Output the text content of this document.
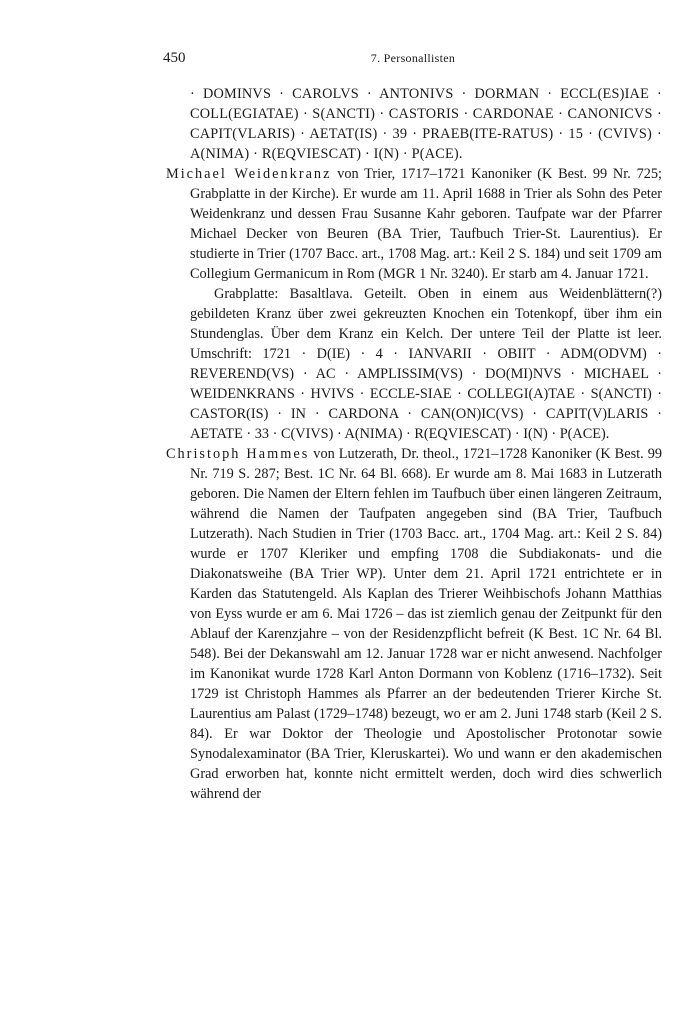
450	7. Personallisten

· DOMINVS · CAROLVS · ANTONIVS · DORMAN · ECCL(ES)IAE · COLL(EGIATAE) · S(ANCTI) · CASTORIS · CARDONAE · CANONICVS · CAPIT(VLARIS) · AETAT(IS) · 39 · PRAEB(ITE-RATUS) · 15 · (CVIVS) · A(NIMA) · R(EQVIESCAT) · I(N) · P(ACE).

Michael Weidenkranz von Trier, 1717–1721 Kanoniker (K Best. 99 Nr. 725; Grabplatte in der Kirche). Er wurde am 11. April 1688 in Trier als Sohn des Peter Weidenkranz und dessen Frau Susanne Kahr geboren. Taufpate war der Pfarrer Michael Decker von Beuren (BA Trier, Taufbuch Trier-St. Laurentius). Er studierte in Trier (1707 Bacc. art., 1708 Mag. art.: Keil 2 S. 184) und seit 1709 am Collegium Germanicum in Rom (MGR 1 Nr. 3240). Er starb am 4. Januar 1721.

Grabplatte: Basaltlava. Geteilt. Oben in einem aus Weidenblättern(?) gebildeten Kranz über zwei gekreuzten Knochen ein Totenkopf, über ihm ein Stundenglas. Über dem Kranz ein Kelch. Der untere Teil der Platte ist leer. Umschrift: 1721 · D(IE) · 4 · IANVARII · OBIIT · ADM(ODVM) · REVEREND(VS) · AC · AMPLISSIM(VS) · DO(MI)NVS · MICHAEL · WEIDENKRANS · HVIVS · ECCLE-SIAE · COLLEGI(A)TAE · S(ANCTI) · CASTOR(IS) · IN · CARDONA · CAN(ON)IC(VS) · CAPIT(V)LARIS · AETATE · 33 · C(VIVS) · A(NIMA) · R(EQVIESCAT) · I(N) · P(ACE).

Christoph Hammes von Lutzerath, Dr. theol., 1721–1728 Kanoniker (K Best. 99 Nr. 719 S. 287; Best. 1C Nr. 64 Bl. 668). Er wurde am 8. Mai 1683 in Lutzerath geboren. Die Namen der Eltern fehlen im Taufbuch über einen längeren Zeitraum, während die Namen der Taufpaten angegeben sind (BA Trier, Taufbuch Lutzerath). Nach Studien in Trier (1703 Bacc. art., 1704 Mag. art.: Keil 2 S. 84) wurde er 1707 Kleriker und empfing 1708 die Subdiakonats- und die Diakonatsweihe (BA Trier WP). Unter dem 21. April 1721 entrichtete er in Karden das Statutengeld. Als Kaplan des Trierer Weihbischofs Johann Matthias von Eyss wurde er am 6. Mai 1726 – das ist ziemlich genau der Zeitpunkt für den Ablauf der Karenzjahre – von der Residenzpflicht befreit (K Best. 1C Nr. 64 Bl. 548). Bei der Dekanswahl am 12. Januar 1728 war er nicht anwesend. Nachfolger im Kanonikat wurde 1728 Karl Anton Dormann von Koblenz (1716–1732). Seit 1729 ist Christoph Hammes als Pfarrer an der bedeutenden Trierer Kirche St. Laurentius am Palast (1729–1748) bezeugt, wo er am 2. Juni 1748 starb (Keil 2 S. 84). Er war Doktor der Theologie und Apostolischer Protonotar sowie Synodalexaminator (BA Trier, Kleruskartei). Wo und wann er den akademischen Grad erworben hat, konnte nicht ermittelt werden, doch wird dies schwerlich während der
